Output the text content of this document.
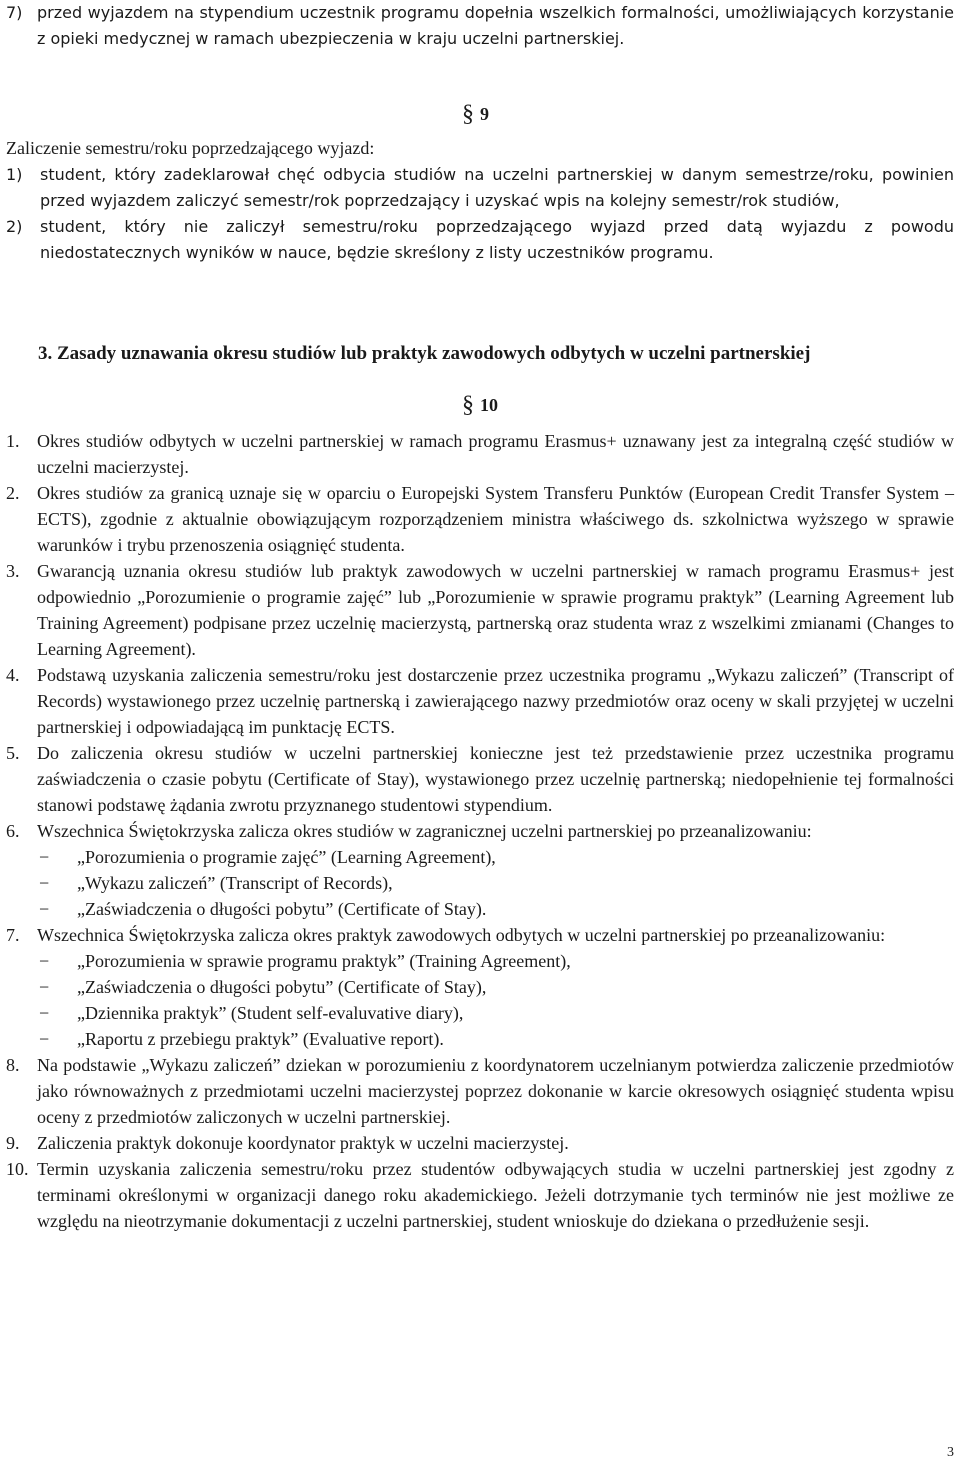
7) przed wyjazdem na stypendium uczestnik programu dopełnia wszelkich formalności, umożliwiających korzystanie z opieki medycznej w ramach ubezpieczenia w kraju uczelni partnerskiej.
§ 9
Zaliczenie semestru/roku poprzedzającego wyjazd:
1) student, który zadeklarował chęć odbycia studiów na uczelni partnerskiej w danym semestrze/roku, powinien przed wyjazdem zaliczyć semestr/rok poprzedzający i uzyskać wpis na kolejny semestr/rok studiów,
2) student, który nie zaliczył semestru/roku poprzedzającego wyjazd przed datą wyjazdu z powodu niedostatecznych wyników w nauce, będzie skreślony z listy uczestników programu.
3. Zasady uznawania okresu studiów lub praktyk zawodowych odbytych w uczelni partnerskiej
§ 10
1. Okres studiów odbytych w uczelni partnerskiej w ramach programu Erasmus+ uznawany jest za integralną część studiów w uczelni macierzystej.
2. Okres studiów za granicą uznaje się w oparciu o Europejski System Transferu Punktów (European Credit Transfer System – ECTS), zgodnie z aktualnie obowiązującym rozporządzeniem ministra właściwego ds. szkolnictwa wyższego w sprawie warunków i trybu przenoszenia osiągnięć studenta.
3. Gwarancją uznania okresu studiów lub praktyk zawodowych w uczelni partnerskiej w ramach programu Erasmus+ jest odpowiednio „Porozumienie o programie zajęć” lub „Porozumienie w sprawie programu praktyk” (Learning Agreement lub Training Agreement) podpisane przez uczelnię macierzystą, partnerską oraz studenta wraz z wszelkimi zmianami (Changes to Learning Agreement).
4. Podstawą uzyskania zaliczenia semestru/roku jest dostarczenie przez uczestnika programu „Wykazu zaliczeń” (Transcript of Records) wystawionego przez uczelnię partnerską i zawierającego nazwy przedmiotów oraz oceny w skali przyjętej w uczelni partnerskiej i odpowiadającą im punktację ECTS.
5. Do zaliczenia okresu studiów w uczelni partnerskiej konieczne jest też przedstawienie przez uczestnika programu zaświadczenia o czasie pobytu (Certificate of Stay), wystawionego przez uczelnię partnerską; niedopełnienie tej formalności stanowi podstawę żądania zwrotu przyznanego studentowi stypendium.
6. Wszechnica Świętokrzyska zalicza okres studiów w zagranicznej uczelni partnerskiej po przeanalizowaniu:
− „Porozumienia o programie zajęć” (Learning Agreement),
− „Wykazu zaliczeń” (Transcript of Records),
− „Zaświadczenia o długości pobytu” (Certificate of Stay).
7. Wszechnica Świętokrzyska zalicza okres praktyk zawodowych odbytych w uczelni partnerskiej po przeanalizowaniu:
− „Porozumienia w sprawie programu praktyk” (Training Agreement),
− „Zaświadczenia o długości pobytu” (Certificate of Stay),
− „Dziennika praktyk” (Student self-evaluvative diary),
− „Raportu z przebiegu praktyk” (Evaluative report).
8. Na podstawie „Wykazu zaliczeń” dziekan w porozumieniu z koordynatorem uczelnianym potwierdza zaliczenie przedmiotów jako równoważnych z przedmiotami uczelni macierzystej poprzez dokonanie w karcie okresowych osiągnięć studenta wpisu oceny z przedmiotów zaliczonych w uczelni partnerskiej.
9. Zaliczenia praktyk dokonuje koordynator praktyk w uczelni macierzystej.
10. Termin uzyskania zaliczenia semestru/roku przez studentów odbywających studia w uczelni partnerskiej jest zgodny z terminami określonymi w organizacji danego roku akademickiego. Jeżeli dotrzymanie tych terminów nie jest możliwe ze względu na nieotrzymanie dokumentacji z uczelni partnerskiej, student wnioskuje do dziekana o przedłużenie sesji.
3
